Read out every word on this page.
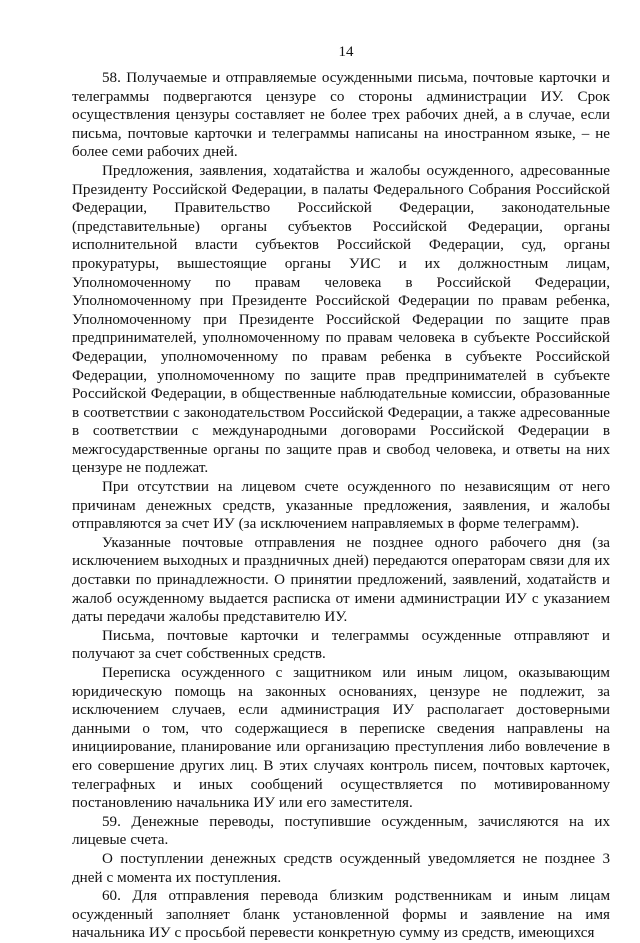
14

58. Получаемые и отправляемые осужденными письма, почтовые карточки и телеграммы подвергаются цензуре со стороны администрации ИУ. Срок осуществления цензуры составляет не более трех рабочих дней, а в случае, если письма, почтовые карточки и телеграммы написаны на иностранном языке, – не более семи рабочих дней.

Предложения, заявления, ходатайства и жалобы осужденного, адресованные Президенту Российской Федерации, в палаты Федерального Собрания Российской Федерации, Правительство Российской Федерации, законодательные (представительные) органы субъектов Российской Федерации, органы исполнительной власти субъектов Российской Федерации, суд, органы прокуратуры, вышестоящие органы УИС и их должностным лицам, Уполномоченному по правам человека в Российской Федерации, Уполномоченному при Президенте Российской Федерации по правам ребенка, Уполномоченному при Президенте Российской Федерации по защите прав предпринимателей, уполномоченному по правам человека в субъекте Российской Федерации, уполномоченному по правам ребенка в субъекте Российской Федерации, уполномоченному по защите прав предпринимателей в субъекте Российской Федерации, в общественные наблюдательные комиссии, образованные в соответствии с законодательством Российской Федерации, а также адресованные в соответствии с международными договорами Российской Федерации в межгосударственные органы по защите прав и свобод человека, и ответы на них цензуре не подлежат.

При отсутствии на лицевом счете осужденного по независящим от него причинам денежных средств, указанные предложения, заявления, и жалобы отправляются за счет ИУ (за исключением направляемых в форме телеграмм).

Указанные почтовые отправления не позднее одного рабочего дня (за исключением выходных и праздничных дней) передаются операторам связи для их доставки по принадлежности. О принятии предложений, заявлений, ходатайств и жалоб осужденному выдается расписка от имени администрации ИУ с указанием даты передачи жалобы представителю ИУ.

Письма, почтовые карточки и телеграммы осужденные отправляют и получают за счет собственных средств.

Переписка осужденного с защитником или иным лицом, оказывающим юридическую помощь на законных основаниях, цензуре не подлежит, за исключением случаев, если администрация ИУ располагает достоверными данными о том, что содержащиеся в переписке сведения направлены на инициирование, планирование или организацию преступления либо вовлечение в его совершение других лиц. В этих случаях контроль писем, почтовых карточек, телеграфных и иных сообщений осуществляется по мотивированному постановлению начальника ИУ или его заместителя.

59. Денежные переводы, поступившие осужденным, зачисляются на их лицевые счета.

О поступлении денежных средств осужденный уведомляется не позднее 3 дней с момента их поступления.

60. Для отправления перевода близким родственникам и иным лицам осужденный заполняет бланк установленной формы и заявление на имя начальника ИУ с просьбой перевести конкретную сумму из средств, имеющихся
